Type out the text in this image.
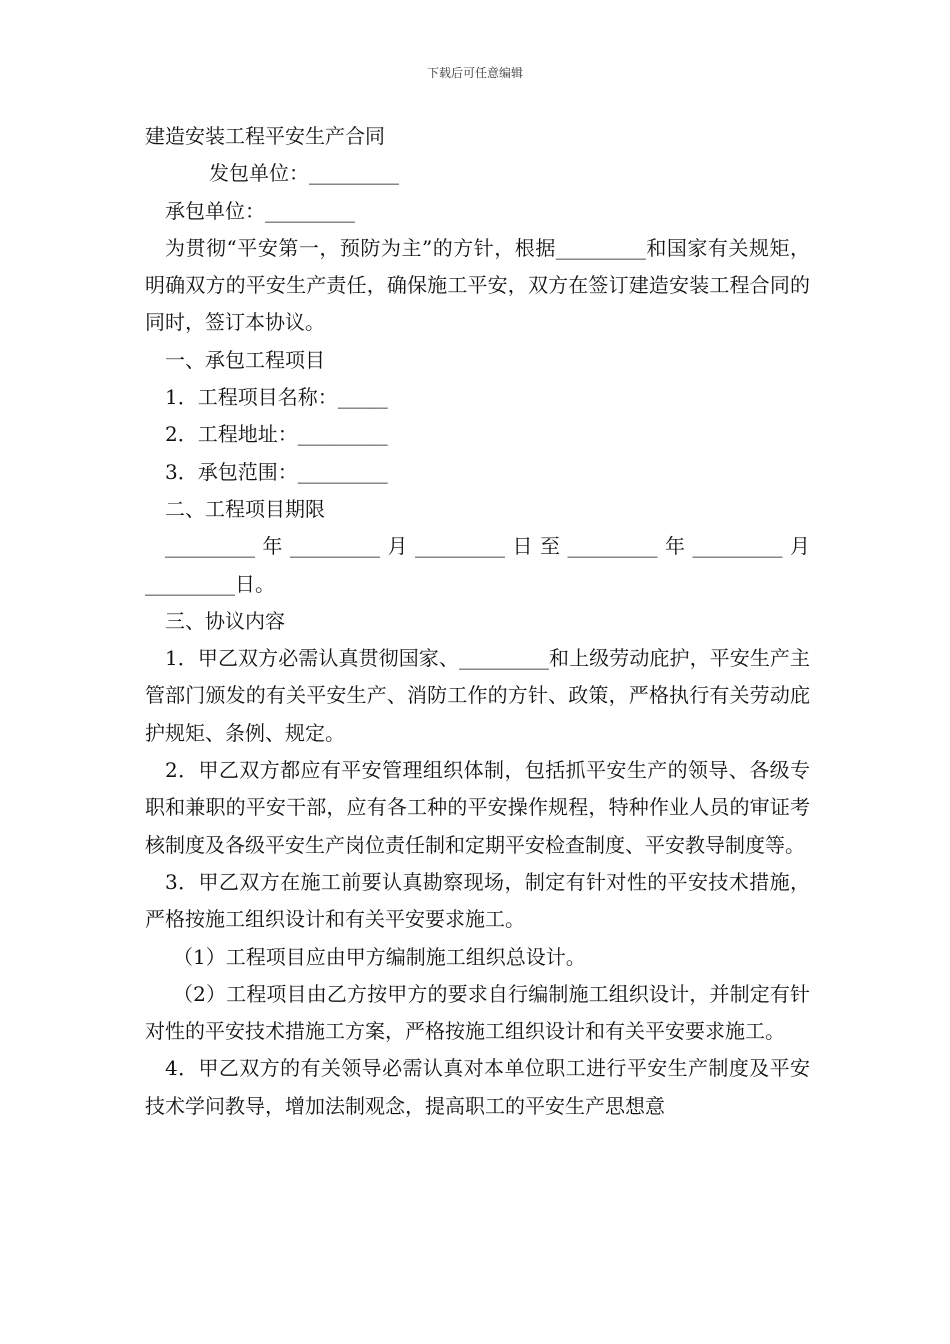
下载后可任意编辑

建造安装工程平安生产合同

发包单位：_________

承包单位：_________

为贯彻“平安第一，预防为主”的方针，根据_________和国家有关规矩，明确双方的平安生产责任，确保施工平安，双方在签订建造安装工程合同的同时，签订本协议。

一、承包工程项目

1．工程项目名称：_____

2．工程地址：_________

3．承包范围：_________

二、工程项目期限

_________年_________月_________日至_________年_________月_________日。

三、协议内容

1．甲乙双方必需认真贯彻国家、_________和上级劳动庇护，平安生产主管部门颁发的有关平安生产、消防工作的方针、政策，严格执行有关劳动庇护规矩、条例、规定。

2．甲乙双方都应有平安管理组织体制，包括抓平安生产的领导、各级专职和兼职的平安干部，应有各工种的平安操作规程，特种作业人员的审证考核制度及各级平安生产岗位责任制和定期平安检查制度、平安教导制度等。

3．甲乙双方在施工前要认真勘察现场，制定有针对性的平安技术措施，严格按施工组织设计和有关平安要求施工。

（1）工程项目应由甲方编制施工组织总设计。

（2）工程项目由乙方按甲方的要求自行编制施工组织设计，并制定有针对性的平安技术措施工方案，严格按施工组织设计和有关平安要求施工。

4．甲乙双方的有关领导必需认真对本单位职工进行平安生产制度及平安技术学问教导，增加法制观念，提高职工的平安生产思想意
